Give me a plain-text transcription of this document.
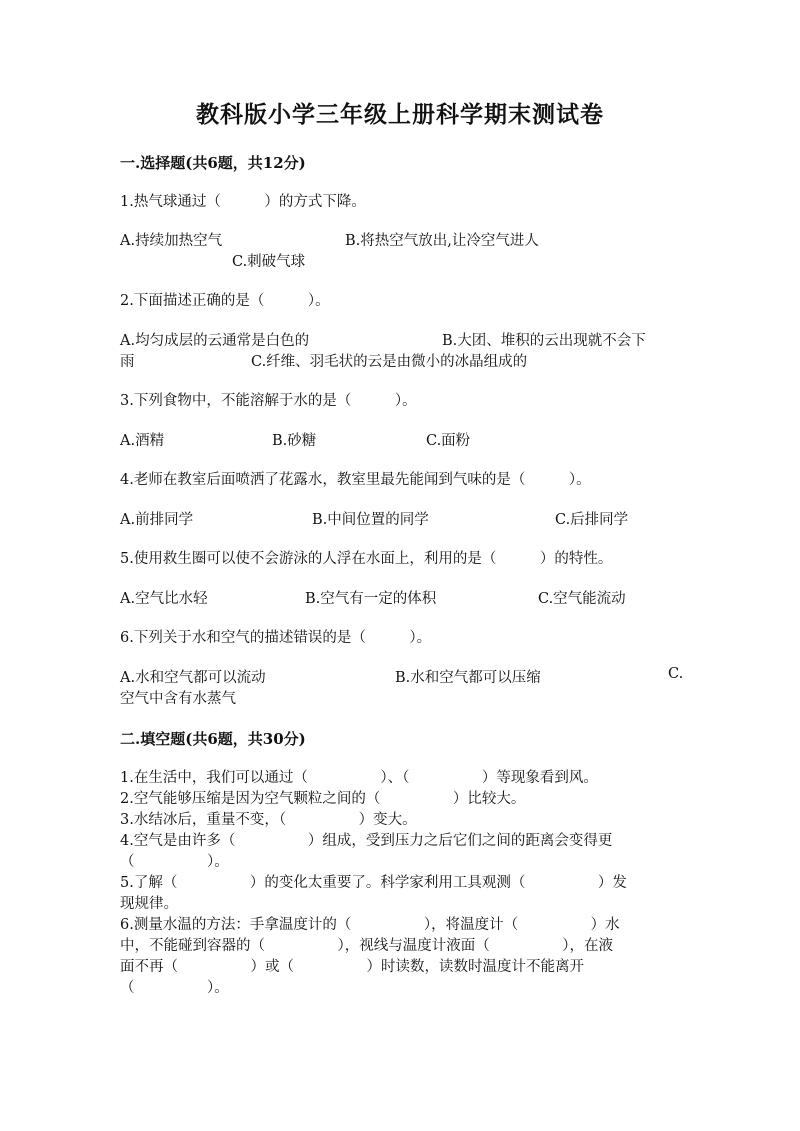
教科版小学三年级上册科学期末测试卷
一.选择题(共6题，共12分)
1.热气球通过（　　　）的方式下降。
A.持续加热空气	B.将热空气放出,让冷空气进人
C.刺破气球
2.下面描述正确的是（　　　）。
A.均匀成层的云通常是白色的	B.大团、堆积的云出现就不会下
雨	C.纤维、羽毛状的云是由微小的冰晶组成的
3.下列食物中，不能溶解于水的是（　　　）。
A.酒精	B.砂糖	C.面粉
4.老师在教室后面喷洒了花露水，教室里最先能闻到气味的是（　　　）。
A.前排同学	B.中间位置的同学	C.后排同学
5.使用救生圈可以使不会游泳的人浮在水面上，利用的是（　　　）的特性。
A.空气比水轻	B.空气有一定的体积	C.空气能流动
6.下列关于水和空气的描述错误的是（　　　）。
A.水和空气都可以流动	B.水和空气都可以压缩	C.
空气中含有水蒸气
二.填空题(共6题，共30分)
1.在生活中，我们可以通过（　　　　　）、（　　　　　）等现象看到风。
2.空气能够压缩是因为空气颗粒之间的（　　　　　）比较大。
3.水结冰后，重量不变，（　　　　　）变大。
4.空气是由许多（　　　　　）组成，受到压力之后它们之间的距离会变得更
（　　　　　）。
5.了解（　　　　　）的变化太重要了。科学家利用工具观测（　　　　　）发
现规律。
6.测量水温的方法：手拿温度计的（　　　　　），将温度计（　　　　　）水
中，不能碰到容器的（　　　　　），视线与温度计液面（　　　　　），在液
面不再（　　　　　）或（　　　　　）时读数，读数时温度计不能离开
（　　　　　）。
